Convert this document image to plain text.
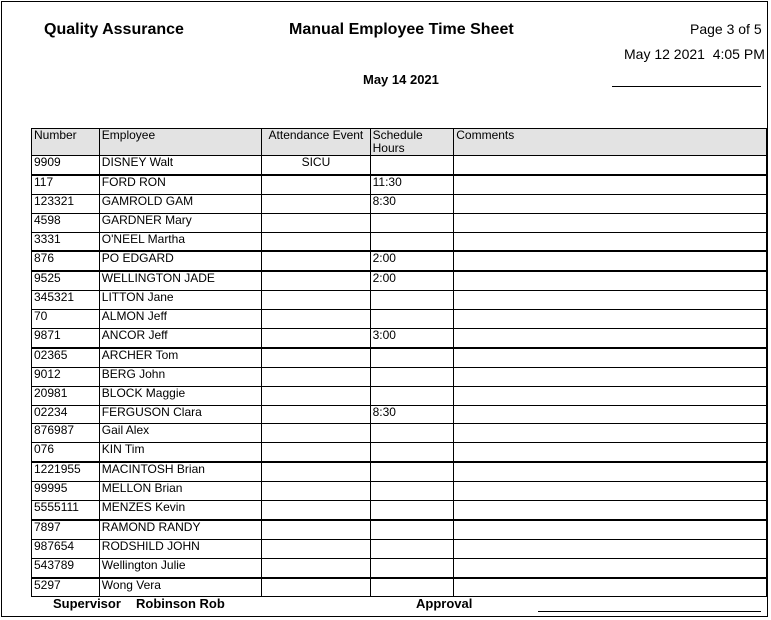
Quality Assurance	Manual Employee Time Sheet	Page 3 of 5
May 12 2021  4:05 PM
May 14 2021
Number	Employee	Attendance Event	Schedule Hours	Comments
9909	DISNEY Walt	SICU		
117	FORD RON		11:30	
123321	GAMROLD GAM		8:30	
4598	GARDNER Mary			
3331	O'NEEL Martha			
876	PO EDGARD		2:00	
9525	WELLINGTON JADE		2:00	
345321	LITTON Jane			
70	ALMON Jeff			
9871	ANCOR Jeff		3:00	
02365	ARCHER Tom			
9012	BERG John			
20981	BLOCK Maggie			
02234	FERGUSON Clara		8:30	
876987	Gail Alex			
076	KIN Tim			
1221955	MACINTOSH Brian			
99995	MELLON Brian			
5555111	MENZES Kevin			
7897	RAMOND RANDY			
987654	RODSHILD JOHN			
543789	Wellington Julie			
5297	Wong Vera			
Supervisor Robinson Rob	Approval
